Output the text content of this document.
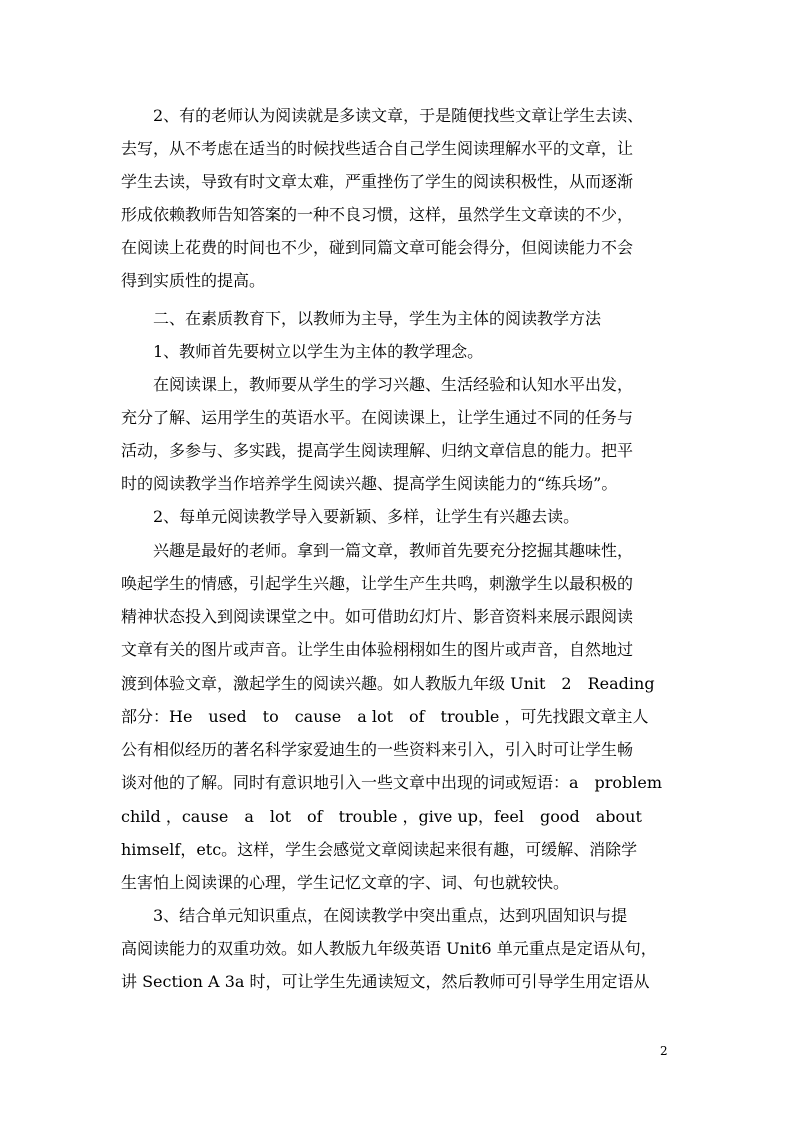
　　2、有的老师认为阅读就是多读文章，于是随便找些文章让学生去读、
去写，从不考虑在适当的时候找些适合自己学生阅读理解水平的文章，让
学生去读，导致有时文章太难，严重挫伤了学生的阅读积极性，从而逐渐
形成依赖教师告知答案的一种不良习惯，这样，虽然学生文章读的不少，
在阅读上花费的时间也不少，碰到同篇文章可能会得分，但阅读能力不会
得到实质性的提高。
　　二、在素质教育下，以教师为主导，学生为主体的阅读教学方法
　　1、教师首先要树立以学生为主体的教学理念。
　　在阅读课上，教师要从学生的学习兴趣、生活经验和认知水平出发，
充分了解、运用学生的英语水平。在阅读课上，让学生通过不同的任务与
活动，多参与、多实践，提高学生阅读理解、归纳文章信息的能力。把平
时的阅读教学当作培养学生阅读兴趣、提高学生阅读能力的“练兵场”。
　　2、每单元阅读教学导入要新颖、多样，让学生有兴趣去读。
　　兴趣是最好的老师。拿到一篇文章，教师首先要充分挖掘其趣味性，
唤起学生的情感，引起学生兴趣，让学生产生共鸣，刺激学生以最积极的
精神状态投入到阅读课堂之中。如可借助幻灯片、影音资料来展示跟阅读
文章有关的图片或声音。让学生由体验栩栩如生的图片或声音，自然地过
渡到体验文章，激起学生的阅读兴趣。如人教版九年级 Unit　2　Reading
部分：He　used　to　cause　a lot　of　trouble ，可先找跟文章主人
公有相似经历的著名科学家爱迪生的一些资料来引入，引入时可让学生畅
谈对他的了解。同时有意识地引入一些文章中出现的词或短语：a　problem
child ，cause　a　lot　of　trouble ，give up，feel　good　about
himself，etc。这样，学生会感觉文章阅读起来很有趣，可缓解、消除学
生害怕上阅读课的心理，学生记忆文章的字、词、句也就较快。
　　3、结合单元知识重点，在阅读教学中突出重点，达到巩固知识与提
高阅读能力的双重功效。如人教版九年级英语 Unit6 单元重点是定语从句，
讲 Section A 3a 时，可让学生先通读短文，然后教师可引导学生用定语从
2
